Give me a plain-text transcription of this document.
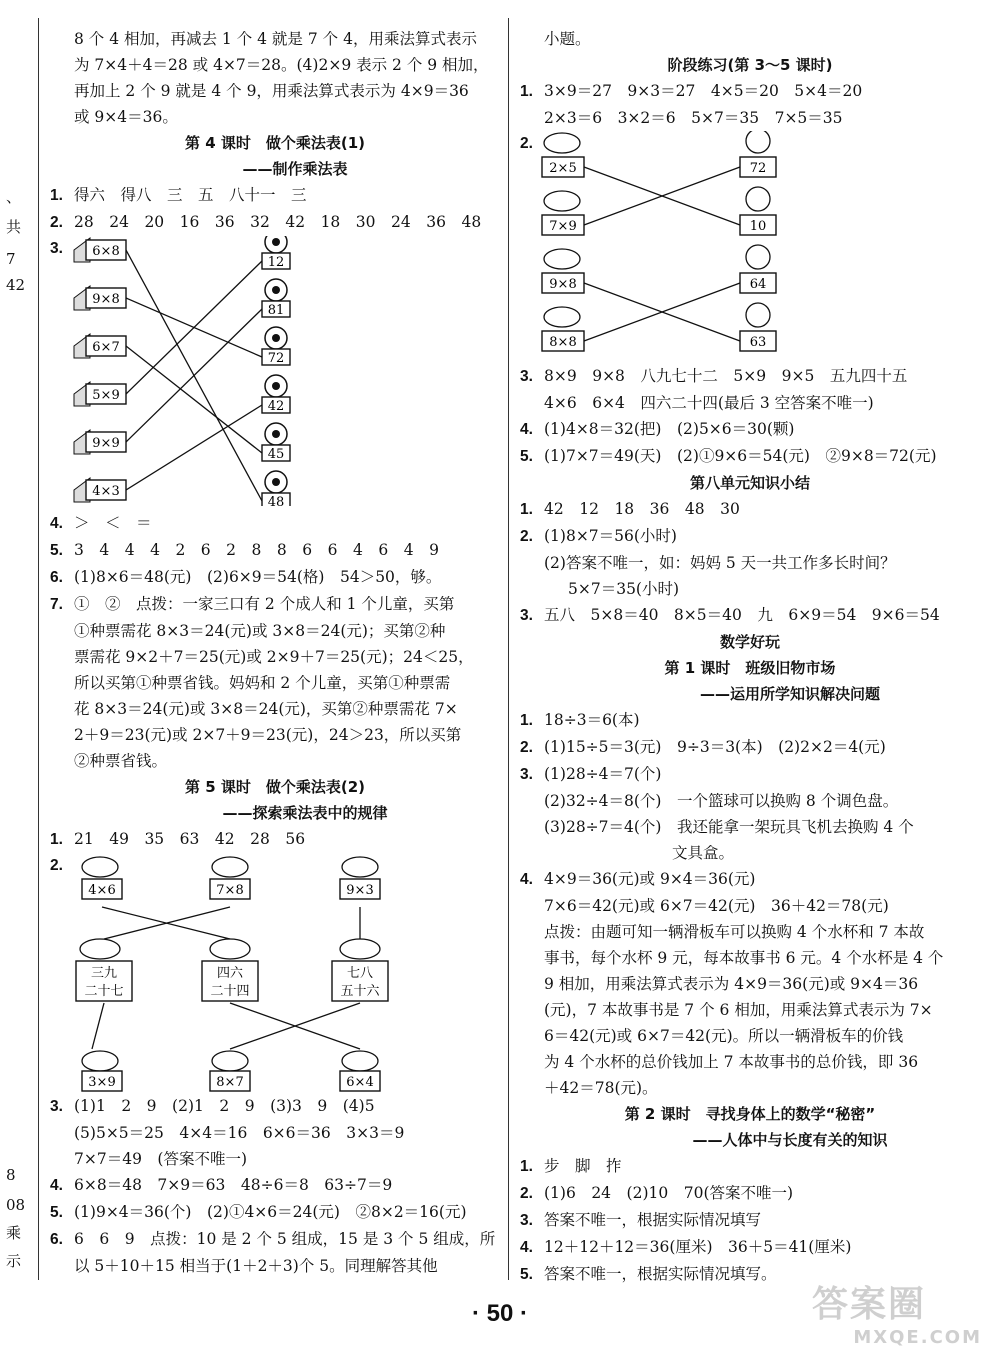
、
共
7
42
8
08
乘
示
8 个 4 相加，再减去 1 个 4 就是 7 个 4，用乘法算式表示
为 7×4＋4＝28 或 4×7＝28。(4)2×9 表示 2 个 9 相加，
再加上 2 个 9 就是 4 个 9，用乘法算式表示为 4×9＝36
或 9×4＝36。
第 4 课时　做个乘法表(1)
——制作乘法表
1. 得六　得八　三　五　八十一　三
2. 28　24　20　16　36　32　42　18　30　24　36　48
3.	6×8
9×8
6×7
5×9
9×9
4×3
12
81
72
42
45
48
4. ＞　＜　＝
5. 3　4　4　4　2　6　2　8　8　6　6　4　6　4　9
6. (1)8×6＝48(元)　(2)6×9＝54(格)　54＞50，够。
7. ①　②　点拨：一家三口有 2 个成人和 1 个儿童，买第
①种票需花 8×3＝24(元)或 3×8＝24(元)；买第②种
票需花 9×2＋7＝25(元)或 2×9＋7＝25(元)；24＜25，
所以买第①种票省钱。妈妈和 2 个儿童，买第①种票需
花 8×3＝24(元)或 3×8＝24(元)，买第②种票需花 7×
2＋9＝23(元)或 2×7＋9＝23(元)，24＞23，所以买第
②种票省钱。
第 5 课时　做个乘法表(2)
——探索乘法表中的规律
1. 21　49　35　63　42　28　56
2.
4×6	7×8	9×3
三九
二十七
四六
二十四
七八
五十六
3×9	8×7	6×4
3. (1)1　2　9　(2)1　2　9　(3)3　9　(4)5
(5)5×5＝25　4×4＝16　6×6＝36　3×3＝9
7×7＝49　(答案不唯一)
4. 6×8＝48　7×9＝63　48÷6＝8　63÷7＝9
5. (1)9×4＝36(个)　(2)①4×6＝24(元)　②8×2＝16(元)
6. 6　6　9　点拨：10 是 2 个 5 组成，15 是 3 个 5 组成，所
以 5＋10＋15 相当于(1＋2＋3)个 5。同理解答其他
小题。
阶段练习(第 3～5 课时)
1. 3×9＝27　9×3＝27　4×5＝20　5×4＝20
2×3＝6　3×2＝6　5×7＝35　7×5＝35
2.
2×5
7×9
9×8
8×8
72
10
64
63
3. 8×9　9×8　八九七十二　5×9　9×5　五九四十五
4×6　6×4　四六二十四(最后 3 空答案不唯一)
4. (1)4×8＝32(把)　(2)5×6＝30(颗)
5. (1)7×7＝49(天)　(2)①9×6＝54(元)　②9×8＝72(元)
第八单元知识小结
1. 42　12　18　36　48　30
2. (1)8×7＝56(小时)
(2)答案不唯一，如：妈妈 5 天一共工作多长时间？
5×7＝35(小时)
3. 五八　5×8＝40　8×5＝40　九　6×9＝54　9×6＝54
数学好玩
第 1 课时　班级旧物市场
——运用所学知识解决问题
1. 18÷3＝6(本)
2. (1)15÷5＝3(元)　9÷3＝3(本)　(2)2×2＝4(元)
3. (1)28÷4＝7(个)
(2)32÷4＝8(个)　一个篮球可以换购 8 个调色盘。
(3)28÷7＝4(个)　我还能拿一架玩具飞机去换购 4 个
文具盒。
4. 4×9＝36(元)或 9×4＝36(元)
7×6＝42(元)或 6×7＝42(元)　36＋42＝78(元)
点拨：由题可知一辆滑板车可以换购 4 个水杯和 7 本故
事书，每个水杯 9 元，每本故事书 6 元。4 个水杯是 4 个
9 相加，用乘法算式表示为 4×9＝36(元)或 9×4＝36
(元)，7 本故事书是 7 个 6 相加，用乘法算式表示为 7×
6＝42(元)或 6×7＝42(元)。所以一辆滑板车的价钱
为 4 个水杯的总价钱加上 7 本故事书的总价钱，即 36
＋42＝78(元)。
第 2 课时　寻找身体上的数学“秘密”
——人体中与长度有关的知识
1. 步　脚　拃
2. (1)6　24　(2)10　70(答案不唯一)
3. 答案不唯一，根据实际情况填写
4. 12＋12＋12＝36(厘米)　36＋5＝41(厘米)
5. 答案不唯一，根据实际情况填写。
· 50 ·	答案圈
MXQE.COM
